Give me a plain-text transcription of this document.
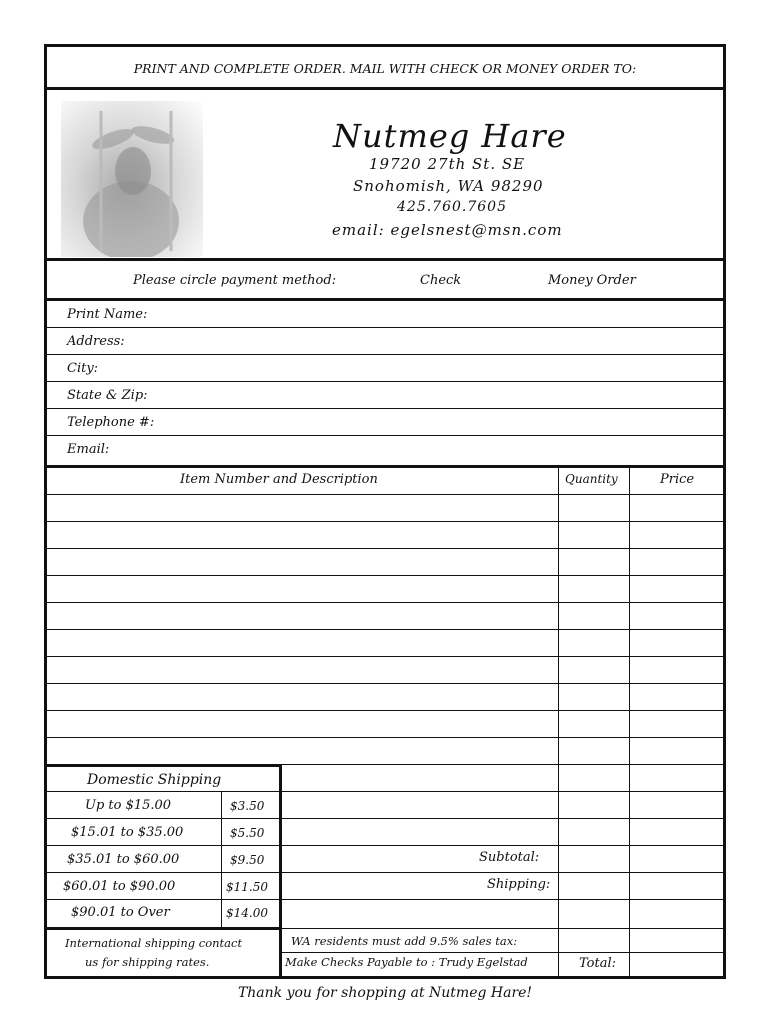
PRINT AND COMPLETE ORDER. MAIL WITH CHECK OR MONEY ORDER TO:
Nutmeg Hare
19720 27th St. SE
Snohomish, WA 98290
425.760.7605
email: egelsnest@msn.com
Please circle payment method:	Check	Money Order
Print Name:
Address:
City:
State & Zip:
Telephone #:
Email:
Item Number and Description	Quantity	Price
Domestic Shipping
Up to $15.00	$3.50
$15.01 to $35.00	$5.50
$35.01 to $60.00	$9.50
$60.01 to $90.00	$11.50
$90.01 to Over	$14.00
International shipping contact
us for shipping rates.
Subtotal:
Shipping:
WA residents must add 9.5% sales tax:
Make Checks Payable to : Trudy Egelstad	Total:
Thank you for shopping at Nutmeg Hare!
